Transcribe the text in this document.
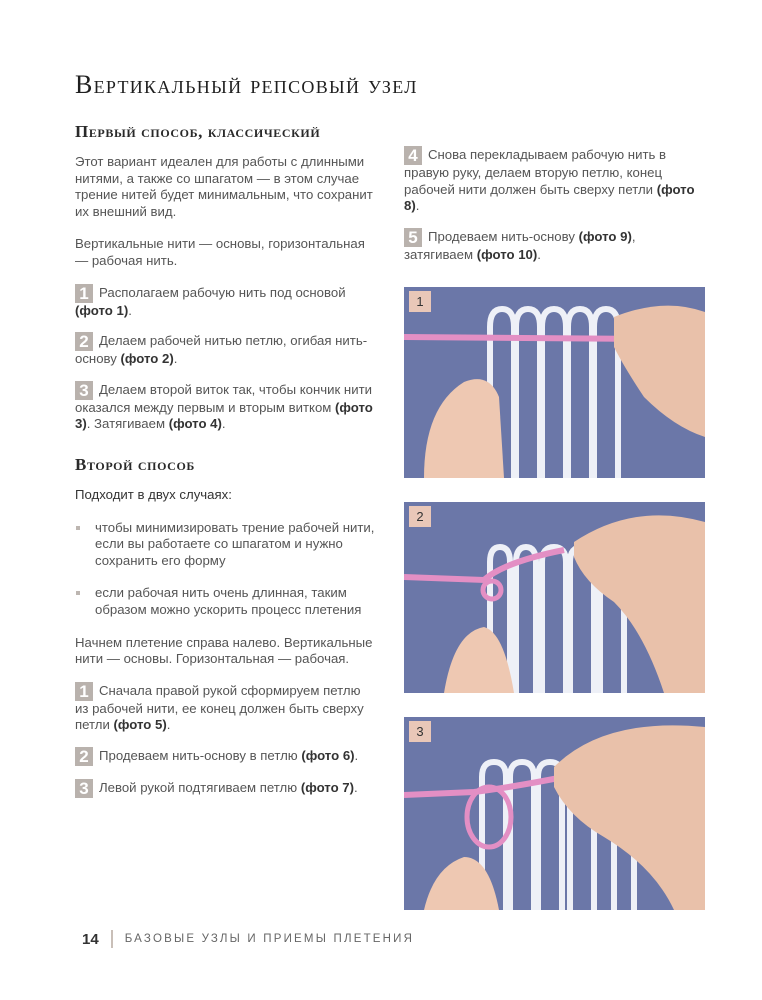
Вертикальный репсовый узел
Первый способ, классический

Этот вариант идеален для работы с длинными нитями, а также со шпагатом — в этом случае трение нитей будет минимальным, что сохранит их внешний вид.

Вертикальные нити — основы, горизонтальная — рабочая нить.

1 Располагаем рабочую нить под основой (фото 1).

2 Делаем рабочей нитью петлю, огибая нить-основу (фото 2).

3 Делаем второй виток так, чтобы кончик нити оказался между первым и вторым витком (фото 3). Затягиваем (фото 4).

Второй способ

Подходит в двух случаях:

чтобы минимизировать трение рабочей нити, если вы работаете со шпагатом и нужно сохранить его форму
если рабочая нить очень длинная, таким образом можно ускорить процесс плетения

Начнем плетение справа налево. Вертикальные нити — основы. Горизонтальная — рабочая.

1 Сначала правой рукой сформируем петлю из рабочей нити, ее конец должен быть сверху петли (фото 5).

2 Продеваем нить-основу в петлю (фото 6).

3 Левой рукой подтягиваем петлю (фото 7).

4 Снова перекладываем рабочую нить в правую руку, делаем вторую петлю, конец рабочей нити должен быть сверху петли (фото 8).

5 Продеваем нить-основу (фото 9), затягиваем (фото 10).

1
2
3
14 БАЗОВЫЕ УЗЛЫ И ПРИЕМЫ ПЛЕТЕНИЯ
